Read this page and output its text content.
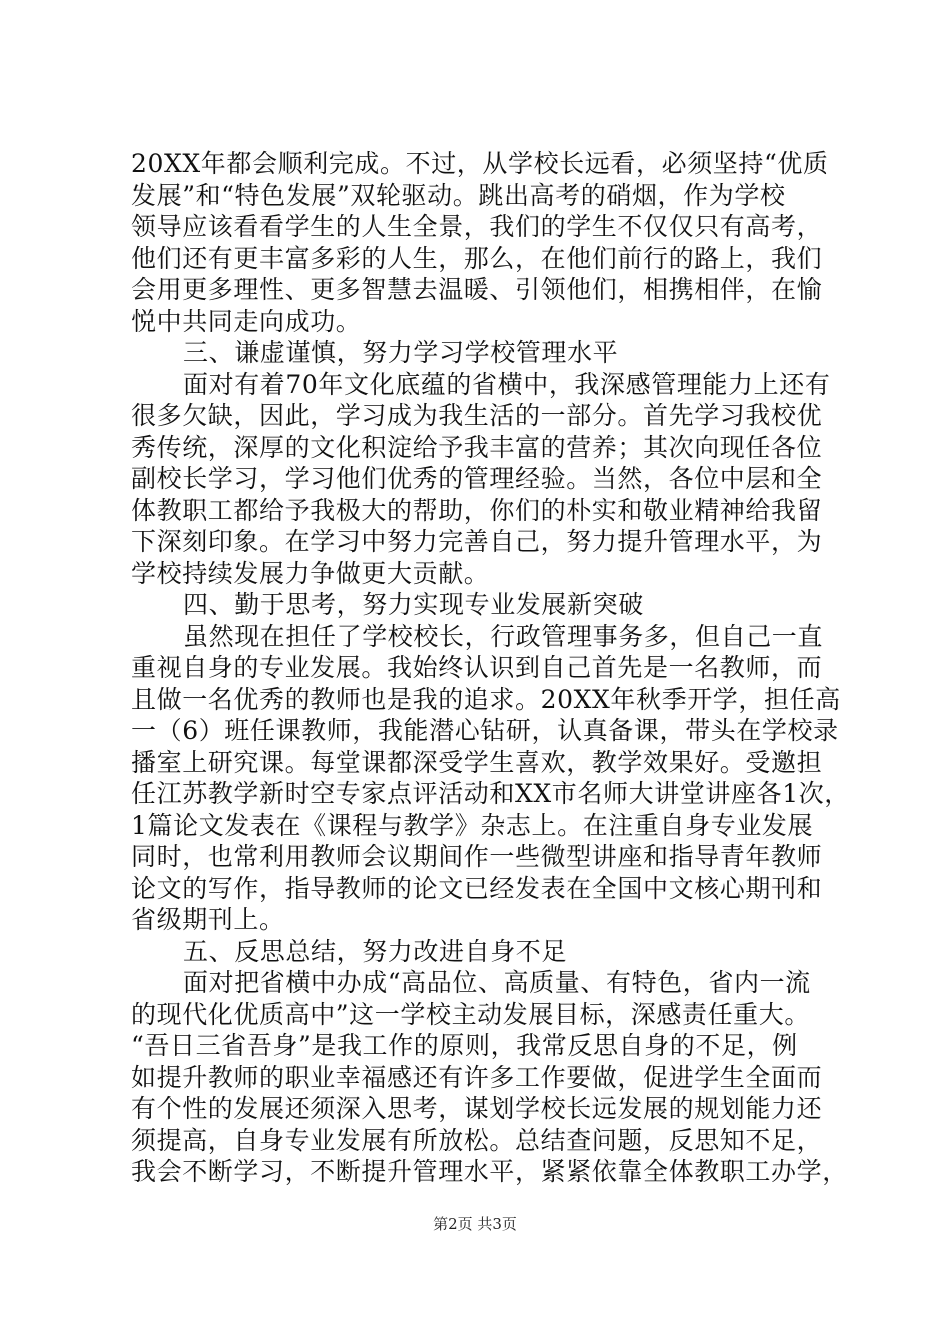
20XX年都会顺利完成。不过，从学校长远看，必须坚持“优质
发展”和“特色发展”双轮驱动。跳出高考的硝烟，作为学校
领导应该看看学生的人生全景，我们的学生不仅仅只有高考，
他们还有更丰富多彩的人生，那么，在他们前行的路上，我们
会用更多理性、更多智慧去温暖、引领他们，相携相伴，在愉
悦中共同走向成功。
三、谦虚谨慎，努力学习学校管理水平
面对有着70年文化底蕴的省横中，我深感管理能力上还有
很多欠缺，因此，学习成为我生活的一部分。首先学习我校优
秀传统，深厚的文化积淀给予我丰富的营养；其次向现任各位
副校长学习，学习他们优秀的管理经验。当然，各位中层和全
体教职工都给予我极大的帮助，你们的朴实和敬业精神给我留
下深刻印象。在学习中努力完善自己，努力提升管理水平，为
学校持续发展力争做更大贡献。
四、勤于思考，努力实现专业发展新突破
虽然现在担任了学校校长，行政管理事务多，但自己一直
重视自身的专业发展。我始终认识到自己首先是一名教师，而
且做一名优秀的教师也是我的追求。20XX年秋季开学，担任高
一（6）班任课教师，我能潜心钻研，认真备课，带头在学校录
播室上研究课。每堂课都深受学生喜欢，教学效果好。受邀担
任江苏教学新时空专家点评活动和XX市名师大讲堂讲座各1次，
1篇论文发表在《课程与教学》杂志上。在注重自身专业发展
同时，也常利用教师会议期间作一些微型讲座和指导青年教师
论文的写作，指导教师的论文已经发表在全国中文核心期刊和
省级期刊上。
五、反思总结，努力改进自身不足
面对把省横中办成“高品位、高质量、有特色，省内一流
的现代化优质高中”这一学校主动发展目标，深感责任重大。
“吾日三省吾身”是我工作的原则，我常反思自身的不足，例
如提升教师的职业幸福感还有许多工作要做，促进学生全面而
有个性的发展还须深入思考，谋划学校长远发展的规划能力还
须提高，自身专业发展有所放松。总结查问题，反思知不足，
我会不断学习，不断提升管理水平，紧紧依靠全体教职工办学，
第2页 共3页
